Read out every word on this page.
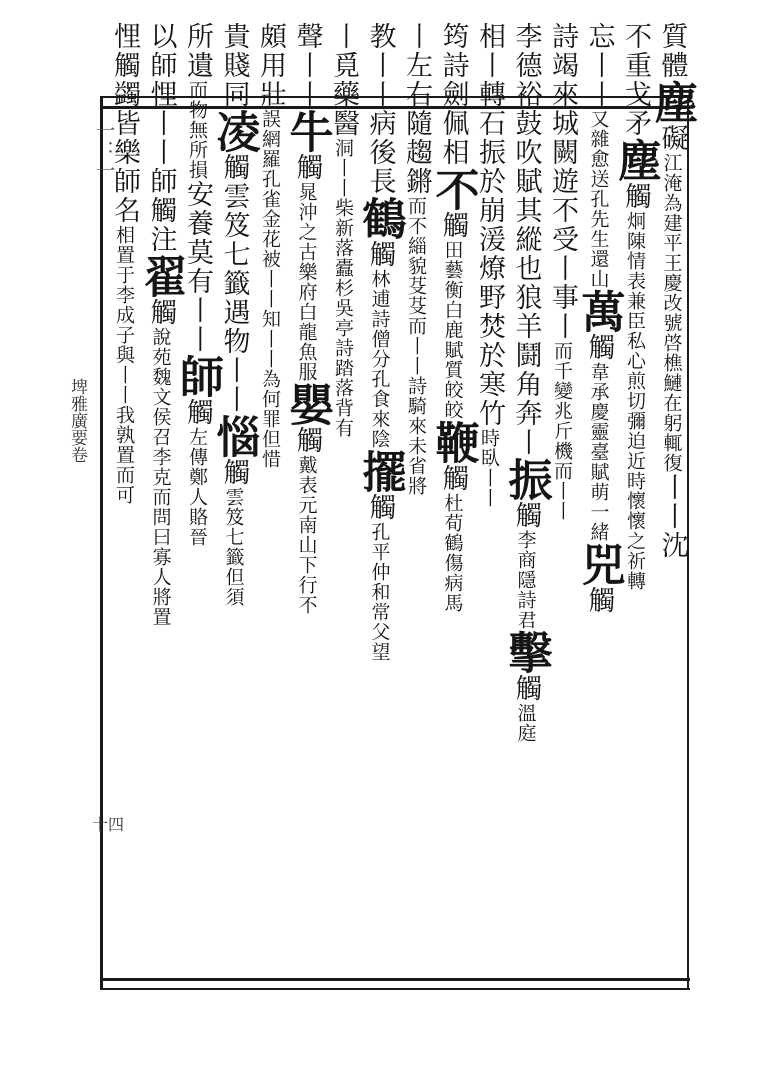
一：一
埤雅廣要卷
十四
質體塵礙江淹為建平王慶改號啓樵鰱在躬輒復丨丨沈
不重戈矛塵觸炯陳情表兼臣私心煎切彌迫近時懷懷之祈轉
忘丨丨又雜愈送孔先生還山萬觸韋承慶靈臺賦萌一緒兕觸
詩竭來城闕遊不受丨事丨而千變兆斤機而丨丨
李德裕鼓吹賦其縱也狼羊鬪角奔丨振觸李商隱詩君擊觸溫庭
相丨轉石振於崩湲燎野焚於寒竹時臥丨丨
筠詩劍佩相不觸田藝衡白鹿賦質皎皎鞭觸杜荀鶴傷病馬
丨左右隨趨鏘而不緇貌芟芟而丨丨詩騎來未省將
教丨丨病後長鶴觸林逋詩僧分孔食來陰擺觸孔平仲和常父望
丨覓藥醫洞丨丨柴新落蠹杉吳亭詩踏落背有
聲丨丨牛觸晁沖之古樂府白龍魚服嬰觸戴表元南山下行不
頗用壯誤網羅孔雀金花被丨丨知丨丨為何罪但惜
貴賤同凌觸雲笈七籤遇物丨丨惱觸雲笈七籤但須
所遺而物無所損安養莫有丨丨師觸左傳鄭人賂晉
以師悝丨丨師觸注翟觸說苑魏文侯召李克而問曰寡人將置
悝觸蠲皆樂師名相置于李成子與丨丨我孰置而可
